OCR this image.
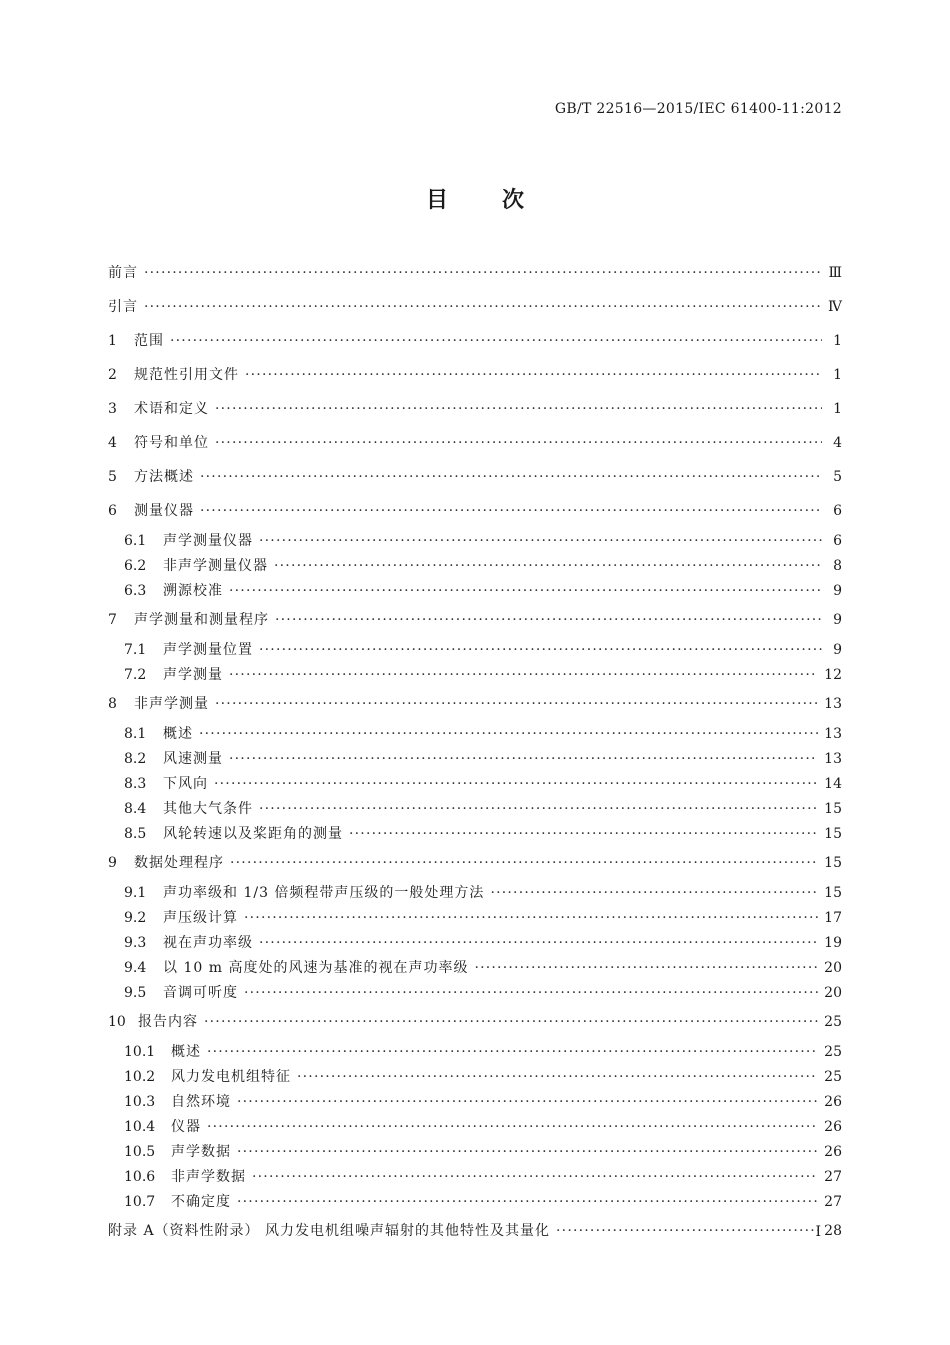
GB/T 22516—2015/IEC 61400-11:2012
目 次
前言 ·····	Ⅲ
引言 ·····	Ⅳ
1	范围 ·····	1
2	规范性引用文件 ·····	1
3	术语和定义 ·····	1
4	符号和单位 ·····	4
5	方法概述 ·····	5
6	测量仪器 ·····	6
6.1	声学测量仪器 ·····	6
6.2	非声学测量仪器 ·····	8
6.3	溯源校准 ·····	9
7	声学测量和测量程序 ·····	9
7.1	声学测量位置 ·····	9
7.2	声学测量 ·····	12
8	非声学测量 ·····	13
8.1	概述 ·····	13
8.2	风速测量 ·····	13
8.3	下风向 ·····	14
8.4	其他大气条件 ·····	15
8.5	风轮转速以及桨距角的测量 ·····	15
9	数据处理程序 ·····	15
9.1	声功率级和 1/3 倍频程带声压级的一般处理方法 ·····	15
9.2	声压级计算 ·····	17
9.3	视在声功率级 ·····	19
9.4	以 10 m 高度处的风速为基准的视在声功率级 ·····	20
9.5	音调可听度 ·····	20
10 报告内容 ·····	25
10.1	概述 ·····	25
10.2	风力发电机组特征 ·····	25
10.3	自然环境 ·····	26
10.4	仪器 ·····	26
10.5	声学数据 ·····	26
10.6	非声学数据 ·····	27
10.7	不确定度 ·····	27
附录 A（资料性附录） 风力发电机组噪声辐射的其他特性及其量化 ·····	28
Ⅰ
